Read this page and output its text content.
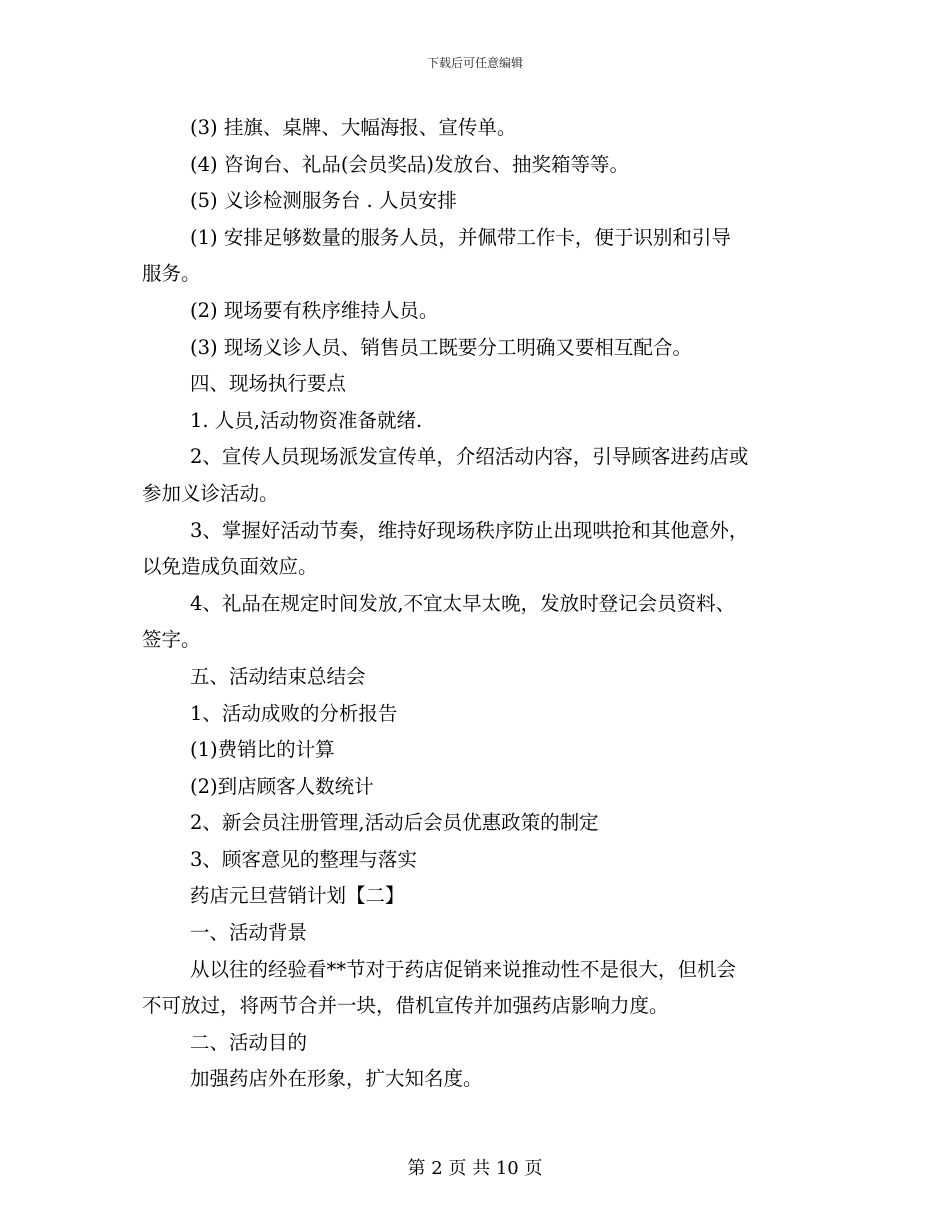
下载后可任意编辑

(3) 挂旗、桌牌、大幅海报、宣传单。

(4) 咨询台、礼品(会员奖品)发放台、抽奖箱等等。

(5) 义诊检测服务台 . 人员安排

(1) 安排足够数量的服务人员，并佩带工作卡，便于识别和引导

服务。

(2) 现场要有秩序维持人员。

(3) 现场义诊人员、销售员工既要分工明确又要相互配合。

四、现场执行要点

1. 人员,活动物资准备就绪.

2、宣传人员现场派发宣传单，介绍活动内容，引导顾客进药店或

参加义诊活动。

3、掌握好活动节奏，维持好现场秩序防止出现哄抢和其他意外，

以免造成负面效应。

4、礼品在规定时间发放,不宜太早太晚，发放时登记会员资料、

签字。

五、活动结束总结会

1、活动成败的分析报告

(1)费销比的计算

(2)到店顾客人数统计

2、新会员注册管理,活动后会员优惠政策的制定

3、顾客意见的整理与落实

药店元旦营销计划【二】

一、活动背景

从以往的经验看**节对于药店促销来说推动性不是很大，但机会

不可放过，将两节合并一块，借机宣传并加强药店影响力度。

二、活动目的

加强药店外在形象，扩大知名度。

第 2 页 共 10 页
